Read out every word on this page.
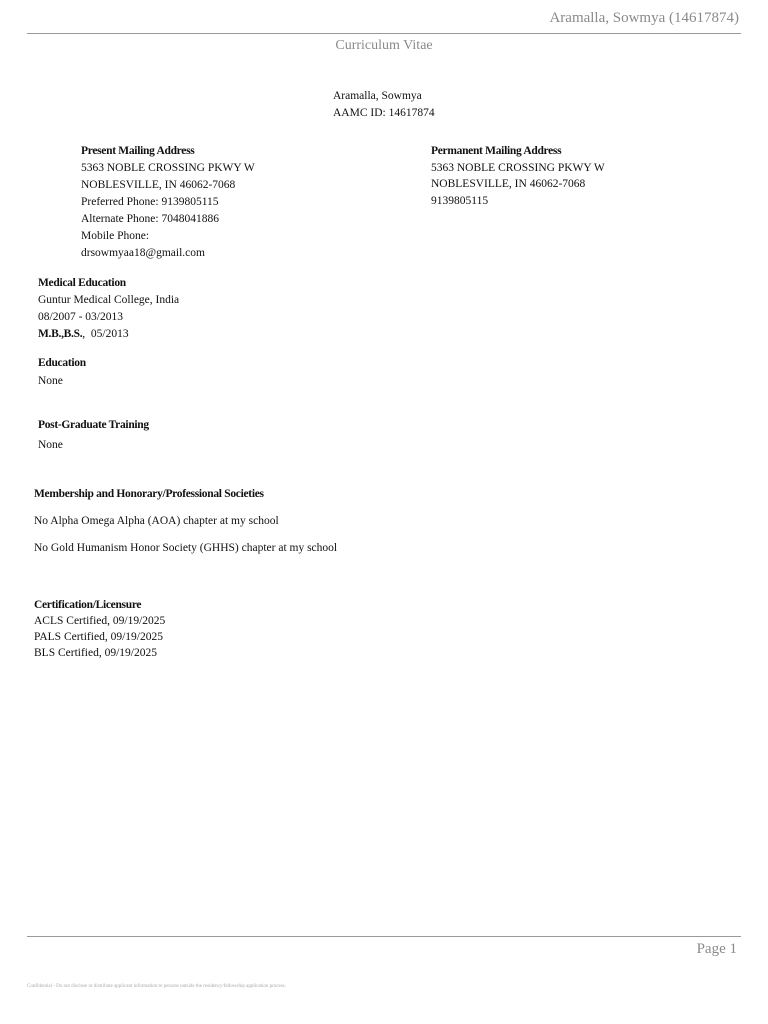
Aramalla, Sowmya (14617874)
Curriculum Vitae
Aramalla, Sowmya
AAMC ID: 14617874
Present Mailing Address
5363 NOBLE CROSSING PKWY W
NOBLESVILLE, IN 46062-7068
Preferred Phone: 9139805115
Alternate Phone: 7048041886
Mobile Phone:
drsowmyaa18@gmail.com
Permanent Mailing Address
5363 NOBLE CROSSING PKWY W
NOBLESVILLE, IN 46062-7068
9139805115
Medical Education
Guntur Medical College, India
08/2007 - 03/2013
M.B.,B.S.,  05/2013
Education
None
Post-Graduate Training
None
Membership and Honorary/Professional Societies
No Alpha Omega Alpha (AOA) chapter at my school
No Gold Humanism Honor Society (GHHS) chapter at my school
Certification/Licensure
ACLS Certified, 09/19/2025
PALS Certified, 09/19/2025
BLS Certified, 09/19/2025
Page 1
Confidential - Do not disclose or distribute applicant information to persons outside the residency/fellowship application process.
